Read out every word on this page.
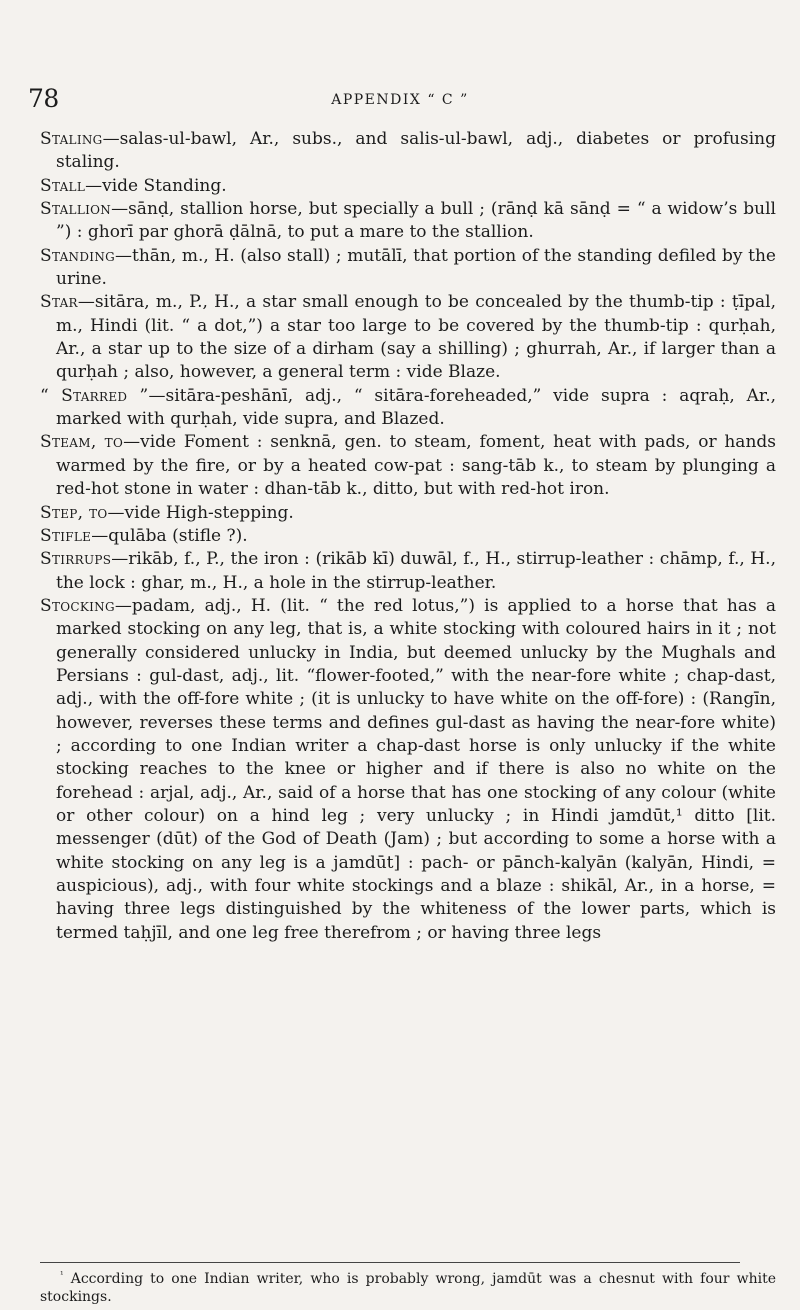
78	APPENDIX “ C ”

Staling—salas-ul-bawl, Ar., subs., and salis-ul-bawl, adj., diabetes or profusing staling.

Stall—vide Standing.

Stallion—sānḍ, stallion horse, but specially a bull ; (rānḍ kā sānḍ = “ a widow’s bull ”) : ghorī par ghorā ḍālnā, to put a mare to the stallion.

Standing—thān, m., H. (also stall) ; mutālī, that portion of the standing defiled by the urine.

Star—sitāra, m., P., H., a star small enough to be concealed by the thumb-tip : ṭīpal, m., Hindi (lit. “ a dot,”) a star too large to be covered by the thumb-tip : qurḥah, Ar., a star up to the size of a dirham (say a shilling) ; ghurrah, Ar., if larger than a qurḥah ; also, however, a general term : vide Blaze.

“ Starred ”—sitāra-peshānī, adj., “ sitāra-foreheaded,” vide supra : aqraḥ, Ar., marked with qurḥah, vide supra, and Blazed.

Steam, to—vide Foment : senknā, gen. to steam, foment, heat with pads, or hands warmed by the fire, or by a heated cow-pat : sang-tāb k., to steam by plunging a red-hot stone in water : dhan-tāb k., ditto, but with red-hot iron.

Step, to—vide High-stepping.

Stifle—qulāba (stifle ?).

Stirrups—rikāb, f., P., the iron : (rikāb kī) duwāl, f., H., stirrup-leather : chāmp, f., H., the lock : ghar, m., H., a hole in the stirrup-leather.

Stocking—padam, adj., H. (lit. “ the red lotus,”) is applied to a horse that has a marked stocking on any leg, that is, a white stocking with coloured hairs in it ; not generally considered unlucky in India, but deemed unlucky by the Mughals and Persians : gul-dast, adj., lit. “flower-footed,” with the near-fore white ; chap-dast, adj., with the off-fore white ; (it is unlucky to have white on the off-fore) : (Rangīn, however, reverses these terms and defines gul-dast as having the near-fore white) ; according to one Indian writer a chap-dast horse is only unlucky if the white stocking reaches to the knee or higher and if there is also no white on the forehead : arjal, adj., Ar., said of a horse that has one stocking of any colour (white or other colour) on a hind leg ; very unlucky ; in Hindi jamdūt,¹ ditto [lit. messenger (dūt) of the God of Death (Jam) ; but according to some a horse with a white stocking on any leg is a jamdūt] : pach- or pānch-kalyān (kalyān, Hindi, = auspicious), adj., with four white stockings and a blaze : shikāl, Ar., in a horse, = having three legs distinguished by the whiteness of the lower parts, which is termed taḥjīl, and one leg free therefrom ; or having three legs

$^{^1}$ According to one Indian writer, who is probably wrong, jamdūt was a chesnut with four white stockings.
